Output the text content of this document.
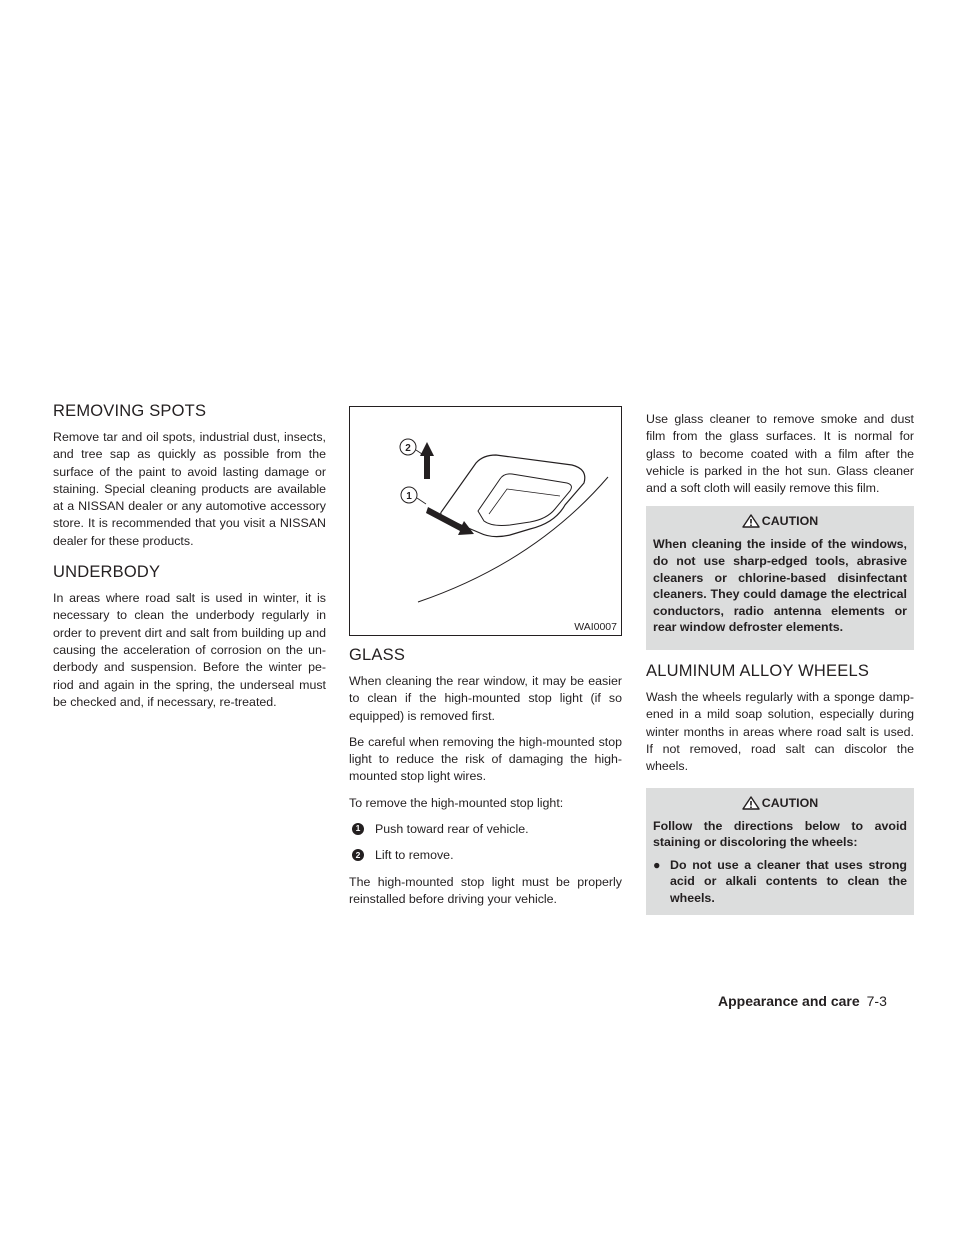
REMOVING SPOTS

Remove tar and oil spots, industrial dust, insects, and tree sap as quickly as possible from the surface of the paint to avoid lasting damage or staining. Special cleaning products are available at a NISSAN dealer or any automotive accessory store. It is recommended that you visit a NISSAN dealer for these products.

UNDERBODY

In areas where road salt is used in winter, it is necessary to clean the underbody regularly in order to prevent dirt and salt from building up and causing the acceleration of corrosion on the un-derbody and suspension. Before the winter pe-riod and again in the spring, the underseal must be checked and, if necessary, re-treated.

2
1
WAI0007
GLASS

When cleaning the rear window, it may be easier to clean if the high-mounted stop light (if so equipped) is removed first.

Be careful when removing the high-mounted stop light to reduce the risk of damaging the high-mounted stop light wires.

To remove the high-mounted stop light:

1 Push toward rear of vehicle.
2 Lift to remove.

The high-mounted stop light must be properly reinstalled before driving your vehicle.

Use glass cleaner to remove smoke and dust film from the glass surfaces. It is normal for glass to become coated with a film after the vehicle is parked in the hot sun. Glass cleaner and a soft cloth will easily remove this film.

CAUTION

When cleaning the inside of the windows, do not use sharp-edged tools, abrasive cleaners or chlorine-based disinfectant cleaners. They could damage the electrical conductors, radio antenna elements or rear window defroster elements.

ALUMINUM ALLOY WHEELS

Wash the wheels regularly with a sponge damp-ened in a mild soap solution, especially during winter months in areas where road salt is used. If not removed, road salt can discolor the wheels.

CAUTION

Follow the directions below to avoid staining or discoloring the wheels:

● Do not use a cleaner that uses strong acid or alkali contents to clean the wheels.
Appearance and care 7-3
